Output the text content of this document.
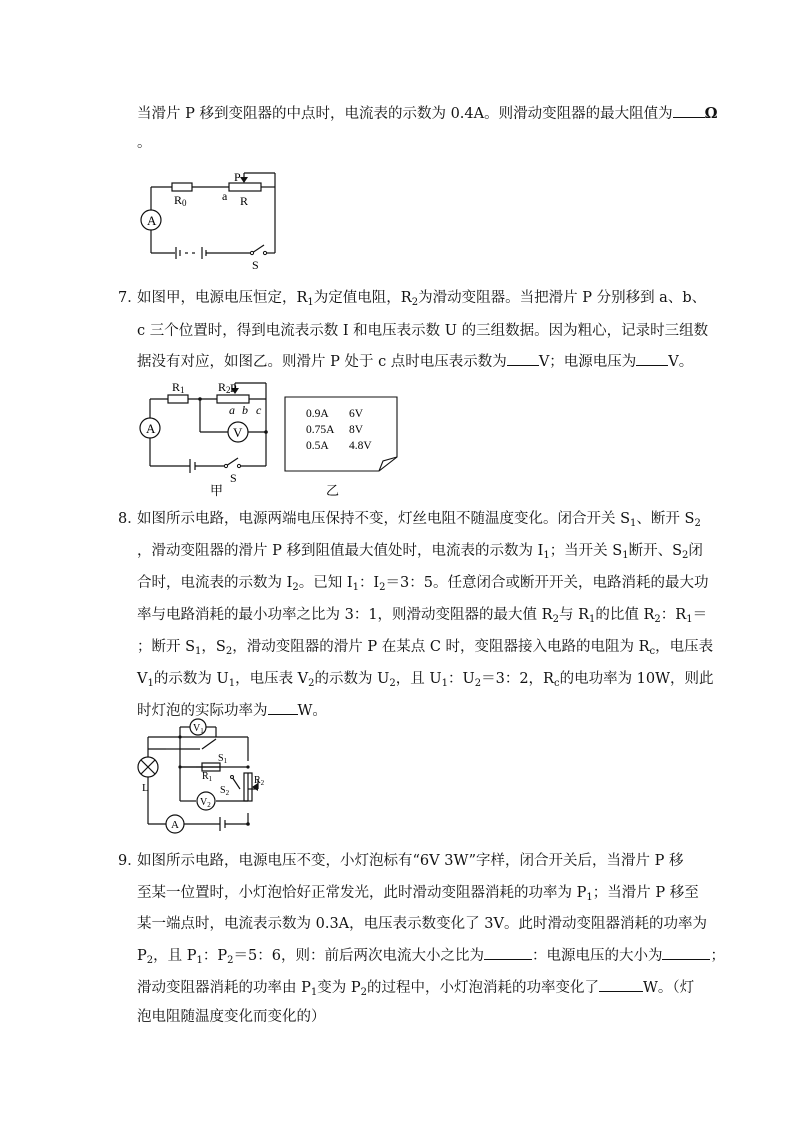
当滑片 P 移到变阻器的中点时，电流表的示数为 0.4A。则滑动变阻器的最大阻值为 Ω
。
A
R0	a
P
R
S
7．
如图甲，电源电压恒定，$R_1$为定值电阻，$R_2$为滑动变阻器。当把滑片 P 分别移到 a、b、
c 三个位置时，得到电流表示数 I 和电压表示数 U 的三组数据。因为粗心，记录时三组数
据没有对应，如图乙。则滑片 P 处于 c 点时电压表示数为 V；电源电压为 V。
A	V
R1	R2 P
a b c
S
甲
0.9A 6V
0.75A 8V
0.5A 4.8V
乙
8．
如图所示电路，电源两端电压保持不变，灯丝电阻不随温度变化。闭合开关 $S_1$、断开 $S_2$
，滑动变阻器的滑片 P 移到阻值最大值处时，电流表的示数为 $I_1$；当开关 $S_1$断开、$S_2$闭
合时，电流表的示数为 $I_2$。已知 $I_1$：$I_2=3$：5。任意闭合或断开开关，电路消耗的最大功
率与电路消耗的最小功率之比为 3：1，则滑动变阻器的最大值 $R_2$与 $R_1$的比值 $R_2$：$R_1=$
；断开 $S_1$，$S_2$，滑动变阻器的滑片 P 在某点 C 时，变阻器接入电路的电阻为 $R_c$，电压表
$V_1$的示数为 $U_1$，电压表 $V_2$的示数为 $U_2$，且 $U_1$：$U_2=3$：2，$R_c$的电功率为 10W，则此
时灯泡的实际功率为 W。
$V_1$
$V_2$
A
L
$S_1$
$R_1$
$S_2$
$R_2$
9．
如图所示电路，电源电压不变，小灯泡标有“6V 3W”字样，闭合开关后，当滑片 P 移
至某一位置时，小灯泡恰好正常发光，此时滑动变阻器消耗的功率为 $P_1$；当滑片 P 移至
某一端点时，电流表示数为 0.3A，电压表示数变化了 3V。此时滑动变阻器消耗的功率为
$P_2$，且 $P_1$：$P_2=5$：6，则：前后两次电流大小之比为	：电源电压的大小为	；
滑动变阻器消耗的功率由 $P_1$变为 $P_2$的过程中，小灯泡消耗的功率变化了	W。（灯
泡电阻随温度变化而变化的）
